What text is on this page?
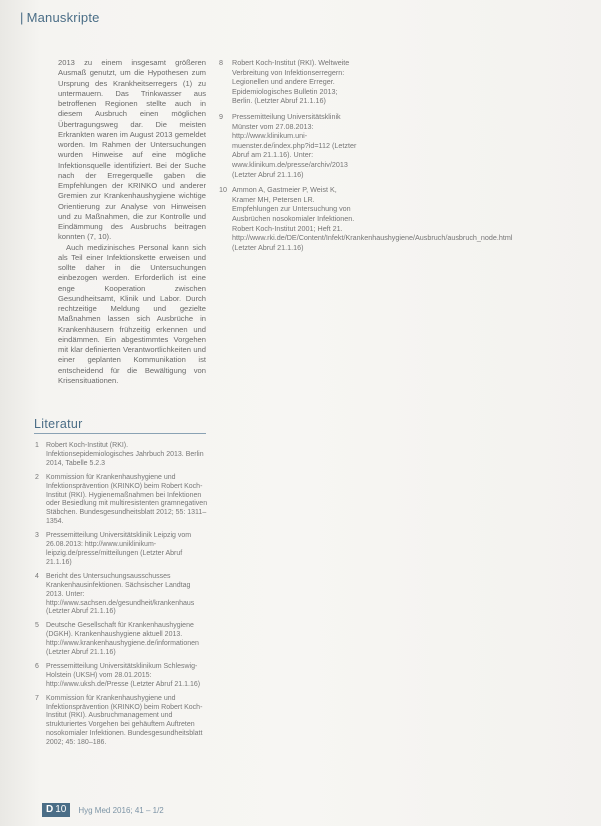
| Manuskripte

2013 zu einem insgesamt größeren Ausmaß genutzt, um die Hypothesen zum Ursprung des Krankheitserregers (1) zu untermauern. Das Trinkwasser aus betroffenen Regionen stellte auch in diesem Ausbruch einen möglichen Übertragungsweg dar. Die meisten Erkrankten waren im August 2013 gemeldet worden. Im Rahmen der Untersuchungen wurden Hinweise auf eine mögliche Infektionsquelle identifiziert. Bei der Suche nach der Erregerquelle gaben die Empfehlungen der KRINKO und anderer Gremien zur Krankenhaushygiene wichtige Orientierung zur Analyse von Hinweisen und zu Maßnahmen, die zur Kontrolle und Eindämmung des Ausbruchs beitragen konnten (7, 10).

Auch medizinisches Personal kann sich als Teil einer Infektionskette erweisen und sollte daher in die Untersuchungen einbezogen werden. Erforderlich ist eine enge Kooperation zwischen Gesundheitsamt, Klinik und Labor. Durch rechtzeitige Meldung und gezielte Maßnahmen lassen sich Ausbrüche in Krankenhäusern frühzeitig erkennen und eindämmen. Ein abgestimmtes Vorgehen mit klar definierten Verantwortlichkeiten und einer geplanten Kommunikation ist entscheidend für die Bewältigung von Krisensituationen.

8 Robert Koch-Institut (RKI). Weltweite Verbreitung von Infektionserregern: Legionellen und andere Erreger. Epidemiologisches Bulletin 2013; Berlin. (Letzter Abruf 21.1.16)
9 Pressemitteilung Universitätsklinik Münster vom 27.08.2013: http://www.klinikum.uni-muenster.de/index.php?id=112 (Letzter Abruf am 21.1.16). Unter: www.klinikum.de/presse/archiv/2013 (Letzter Abruf 21.1.16)
10 Ammon A, Gastmeier P, Weist K, Kramer MH, Petersen LR. Empfehlungen zur Untersuchung von Ausbrüchen nosokomialer Infektionen. Robert Koch-Institut 2001; Heft 21. http://www.rki.de/DE/Content/Infekt/Krankenhaushygiene/Ausbruch/ausbruch_node.html (Letzter Abruf 21.1.16)
Literatur
1 Robert Koch-Institut (RKI). Infektionsepidemiologisches Jahrbuch 2013. Berlin 2014, Tabelle 5.2.3
2 Kommission für Krankenhaushygiene und Infektionsprävention (KRINKO) beim Robert Koch-Institut (RKI). Hygienemaßnahmen bei Infektionen oder Besiedlung mit multiresistenten gramnegativen Stäbchen. Bundesgesundheitsblatt 2012; 55: 1311–1354.
3 Pressemitteilung Universitätsklinik Leipzig vom 26.08.2013: http://www.uniklinikum-leipzig.de/presse/mitteilungen (Letzter Abruf 21.1.16)
4 Bericht des Untersuchungsausschusses Krankenhausinfektionen. Sächsischer Landtag 2013. Unter: http://www.sachsen.de/gesundheit/krankenhaus (Letzter Abruf 21.1.16)
5 Deutsche Gesellschaft für Krankenhaushygiene (DGKH). Krankenhaushygiene aktuell 2013. http://www.krankenhaushygiene.de/informationen (Letzter Abruf 21.1.16)
6 Pressemitteilung Universitätsklinikum Schleswig-Holstein (UKSH) vom 28.01.2015: http://www.uksh.de/Presse (Letzter Abruf 21.1.16)
7 Kommission für Krankenhaushygiene und Infektionsprävention (KRINKO) beim Robert Koch-Institut (RKI). Ausbruchmanagement und strukturiertes Vorgehen bei gehäuftem Auftreten nosokomialer Infektionen. Bundesgesundheitsblatt 2002; 45: 180–186.
D 10	Hyg Med 2016; 41 – 1/2
